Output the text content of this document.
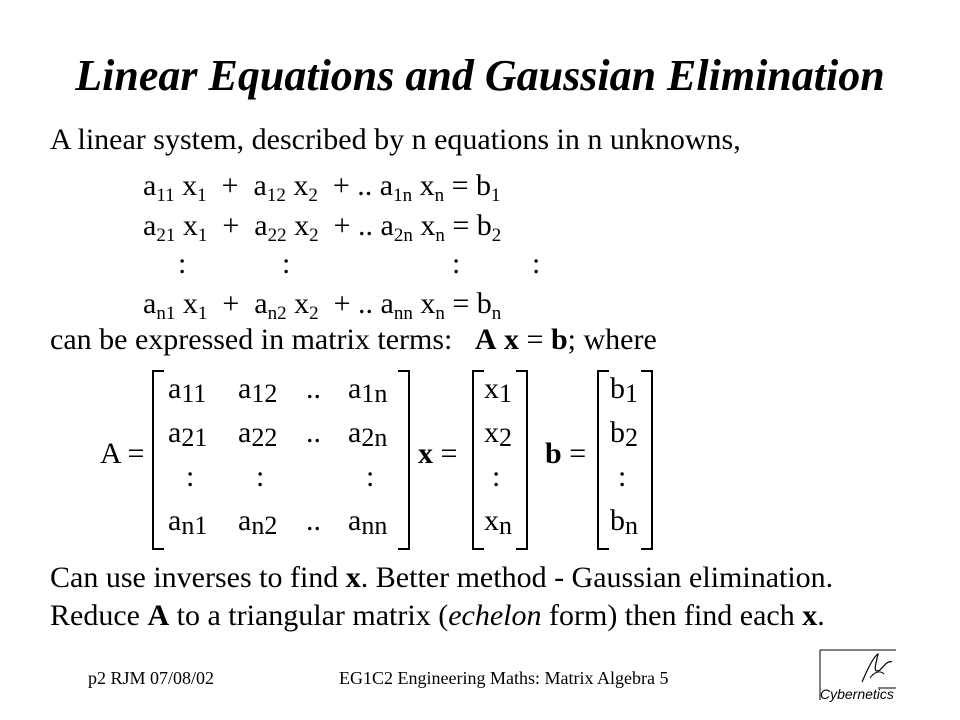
Linear Equations and Gaussian Elimination
A linear system, described by n equations in n unknowns,
$a_{11}$ $x_1 + a_{12}$ $x_2$ + .. $a_{1n}$ $x_n = b_1$
$a_{21}$ $x_1 + a_{22}$ $x_2$ + .. $a_{2n}$ $x_n = b_2$
:	:	: :
$a_{n1}$ $x_1 + a_{n2}$ $x_2$ + .. $a_{nn}$ $x_n = b_n$
can be expressed in matrix terms: A x = b; where
A =	x =	b =
Can use inverses to find x. Better method - Gaussian elimination.
Reduce A to a triangular matrix (echelon form) then find each x.
p2 RJM 07/08/02	EG1C2 Engineering Maths: Matrix Algebra 5
Cybernetics
$a_{11}$ $a_{12}$ .. $a_{1n}$
$a_{21}$ $a_{22}$ .. $a_{2n}$
: :	:
$a_{n1}$ $a_{n2}$ .. $a_{nn}$
$x_1$
$x_2$
:
$x_n$
$b_1$
$b_2$
:
$b_n$
